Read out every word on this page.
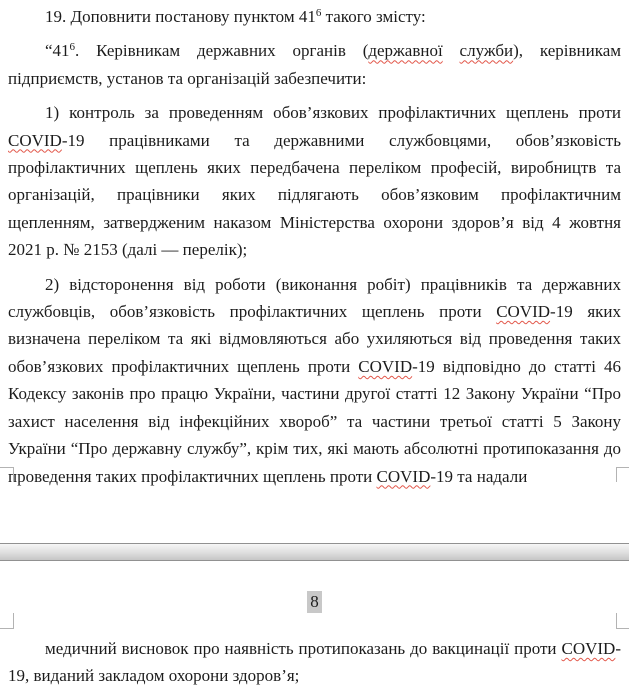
19. Доповнити постанову пунктом $41^6$ такого змісту:

“$41^6$. Керівникам державних органів (державної служби), керівникам підприємств, установ та організацій забезпечити:

1) контроль за проведенням обов’язкових профілактичних щеплень проти COVID-19 працівниками та державними службовцями, обов’язковість профілактичних щеплень яких передбачена переліком професій, виробництв та організацій, працівники яких підлягають обов’язковим профілактичним щепленням, затвердженим наказом Міністерства охорони здоров’я від 4 жовтня 2021 р. № 2153 (далі — перелік);

2) відсторонення від роботи (виконання робіт) працівників та державних службовців, обов’язковість профілактичних щеплень проти COVID-19 яких визначена переліком та які відмовляються або ухиляються від проведення таких обов’язкових профілактичних щеплень проти COVID-19 відповідно до статті 46 Кодексу законів про працю України, частини другої статті 12 Закону України “Про захист населення від інфекційних хвороб” та частини третьої статті 5 Закону України “Про державну службу”, крім тих, які мають абсолютні протипоказання до проведення таких профілактичних щеплень проти COVID-19 та надали

8

медичний висновок про наявність протипоказань до вакцинації проти COVID-19, виданий закладом охорони здоров’я;
